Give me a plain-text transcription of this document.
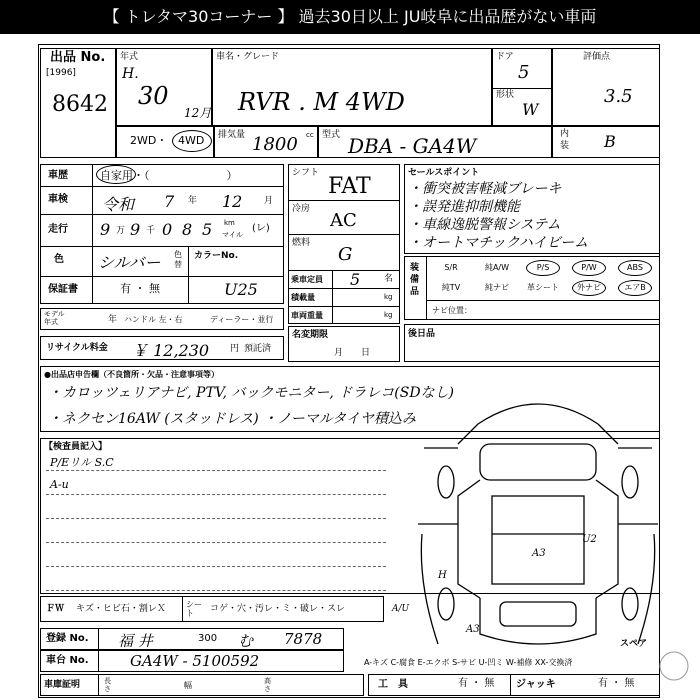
【 トレタマ30コーナー 】 過去30日以上 JU岐阜に出品歴がない車両
出品 No.
[1996]
8642
年式
H.
30
12月
車名・グレード
RVR . M 4WD
ドア
5
形状
W
評価点
3.5
2WD・ 4WD 排気量 1800 cc 型式 DBA - GA4W	内装 B
車歴	自家用・（　　　　　　　）
車検 令和 7 年 12 月
走行 9 万 9 千 0 8 5 km
マイル
(レ)
色 シルバー 色替
カラーNo.
U25
保証書	有 ・ 無
モデル年式	年 ハンドル 左・右	ディーラー・並行
リサイクル料金 ￥ 12,230 円 預託済
シフト
FAT
冷房
AC
燃料
G
乗車定員 5	名
積載量	kg
車両重量	kg
名変期限
月　　日
セールスポイント
・衝突被害軽減ブレーキ
・誤発進抑制機能
・車線逸脱警報システム
・オートマチックハイビーム
装備品
ナビ位置：
後日品
●出品店申告欄（不良箇所・欠品・注意事項等）
・カロッツェリアナビ, PTV, バックモニター, ドラレコ(SDなし)
・ネクセン16AW (スタッドレス) ・ノーマルタイヤ積込み
【検査員記入】
P/Eリル S.C
A-u
A3
U2
H
A/U
A3
スペア
ＦＷ キズ・ヒビ石・割レＸ	シート	コゲ・穴・汚レ・ミ・破レ・スレ
登録 No. 福 井	300 む 7878
車台 No.	GA4W - 5100592	A-キズ C-腐食 E-エクボ S-サビ U-凹ミ W-補修 XX-交換済
車庫証明	長さ	幅	高さ	工　具	有 ・ 無 ジャッキ	有 ・ 無
S/R	純A/W	P/S	P/W	ABS
純TV	純ナビ	革シート	外ナビ	エアB
